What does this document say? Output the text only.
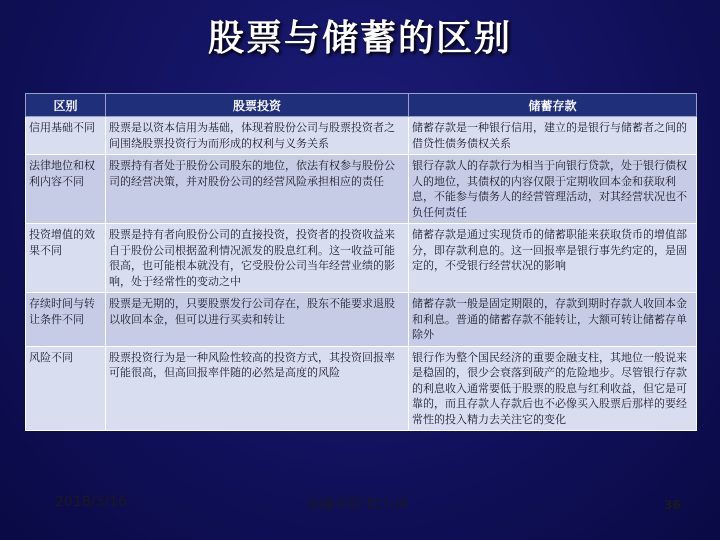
股票与储蓄的区别
区别	股票投资	储蓄存款
信用基础不同	股票是以资本信用为基础，体现着股份公司与股票投资者之间围绕股票投资行为而形成的权利与义务关系	储蓄存款是一种银行信用，建立的是银行与储蓄者之间的借贷性债务债权关系
法律地位和权利内容不同	股票持有者处于股份公司股东的地位，依法有权参与股份公司的经营决策，并对股份公司的经营风险承担相应的责任	银行存款人的存款行为相当于向银行贷款，处于银行债权人的地位，其债权的内容仅限于定期收回本金和获取利息，不能参与债务人的经营管理活动，对其经营状况也不负任何责任
投资增值的效果不同	股票是持有者向股份公司的直接投资，投资者的投资收益来自于股份公司根据盈利情况派发的股息红利。这一收益可能很高，也可能根本就没有，它受股份公司当年经营业绩的影响，处于经常性的变动之中	储蓄存款是通过实现货币的储蓄职能来获取货币的增值部分，即存款利息的。这一回报率是银行事先约定的，是固定的，不受银行经营状况的影响
存续时间与转让条件不同	股票是无期的，只要股票发行公司存在，股东不能要求退股以收回本金，但可以进行买卖和转让	储蓄存款一般是固定期限的，存款到期时存款人收回本金和利息。普通的储蓄存款不能转让，大额可转让储蓄存单除外
风险不同	股票投资行为是一种风险性较高的投资方式，其投资回报率可能很高，但高回报率伴随的必然是高度的风险	银行作为整个国民经济的重要金融支柱，其地位一般说来是稳固的，很少会衰落到破产的危险地步。尽管银行存款的利息收入通常要低于股票的股息与红利收益，但它是可靠的，而且存款人存款后也不必像买入股票后那样的要经常性的投入精力去关注它的变化
2018/3/16	金融学院·程大涛	36
